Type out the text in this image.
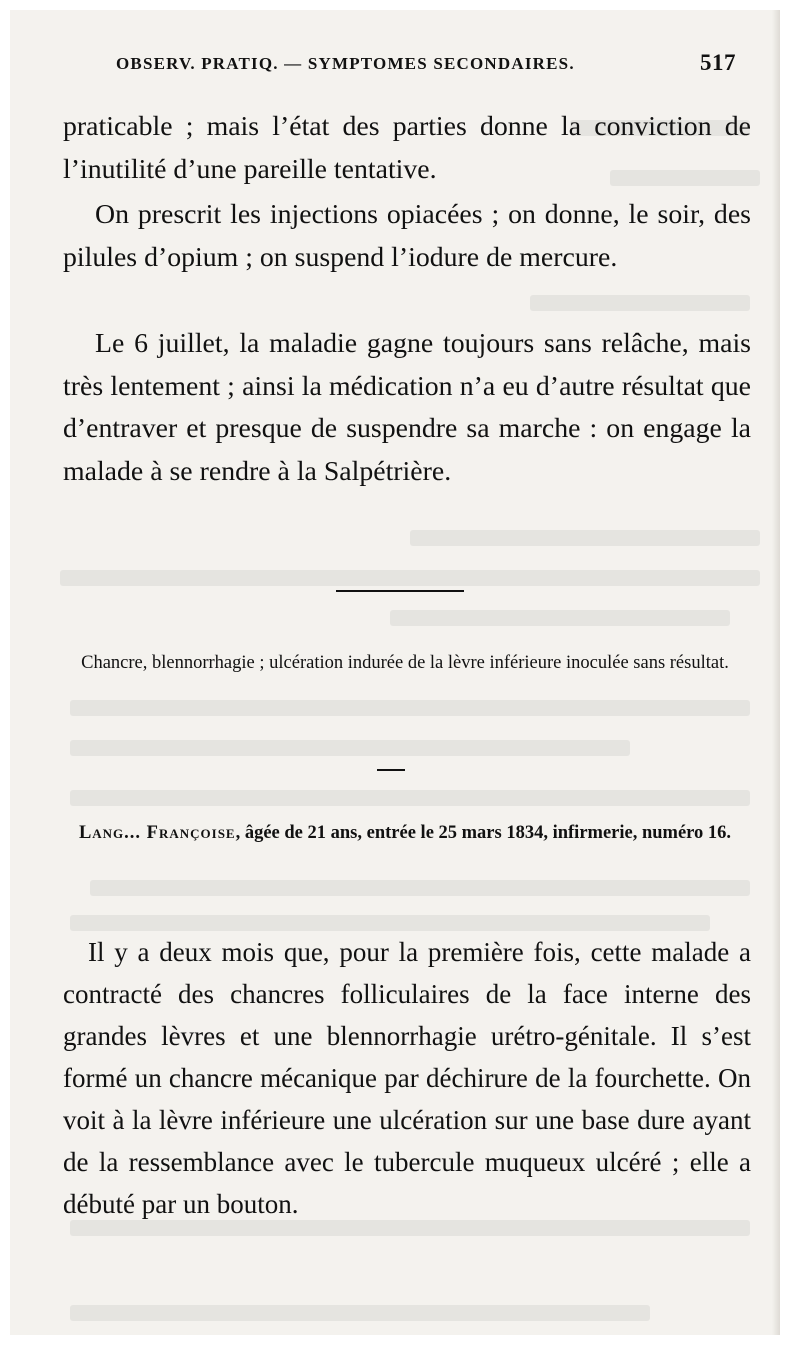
OBSERV. PRATIQ. — SYMPTOMES SECONDAIRES.	517

praticable ; mais l’état des parties donne la conviction de l’inutilité d’une pareille tentative.

On prescrit les injections opiacées ; on donne, le soir, des pilules d’opium ; on suspend l’iodure de mercure.

Le 6 juillet, la maladie gagne toujours sans relâche, mais très lentement ; ainsi la médication n’a eu d’autre résultat que d’entraver et presque de suspendre sa marche : on engage la malade à se rendre à la Salpétrière.

Chancre, blennorrhagie ; ulcération indurée de la lèvre inférieure inoculée sans résultat.
Lang... Françoise, âgée de 21 ans, entrée le 25 mars 1834, infirmerie, numéro 16.

Il y a deux mois que, pour la première fois, cette malade a contracté des chancres folliculaires de la face interne des grandes lèvres et une blennorrhagie urétro-génitale. Il s’est formé un chancre mécanique par déchirure de la fourchette. On voit à la lèvre inférieure une ulcération sur une base dure ayant de la ressemblance avec le tubercule muqueux ulcéré ; elle a débuté par un bouton.
